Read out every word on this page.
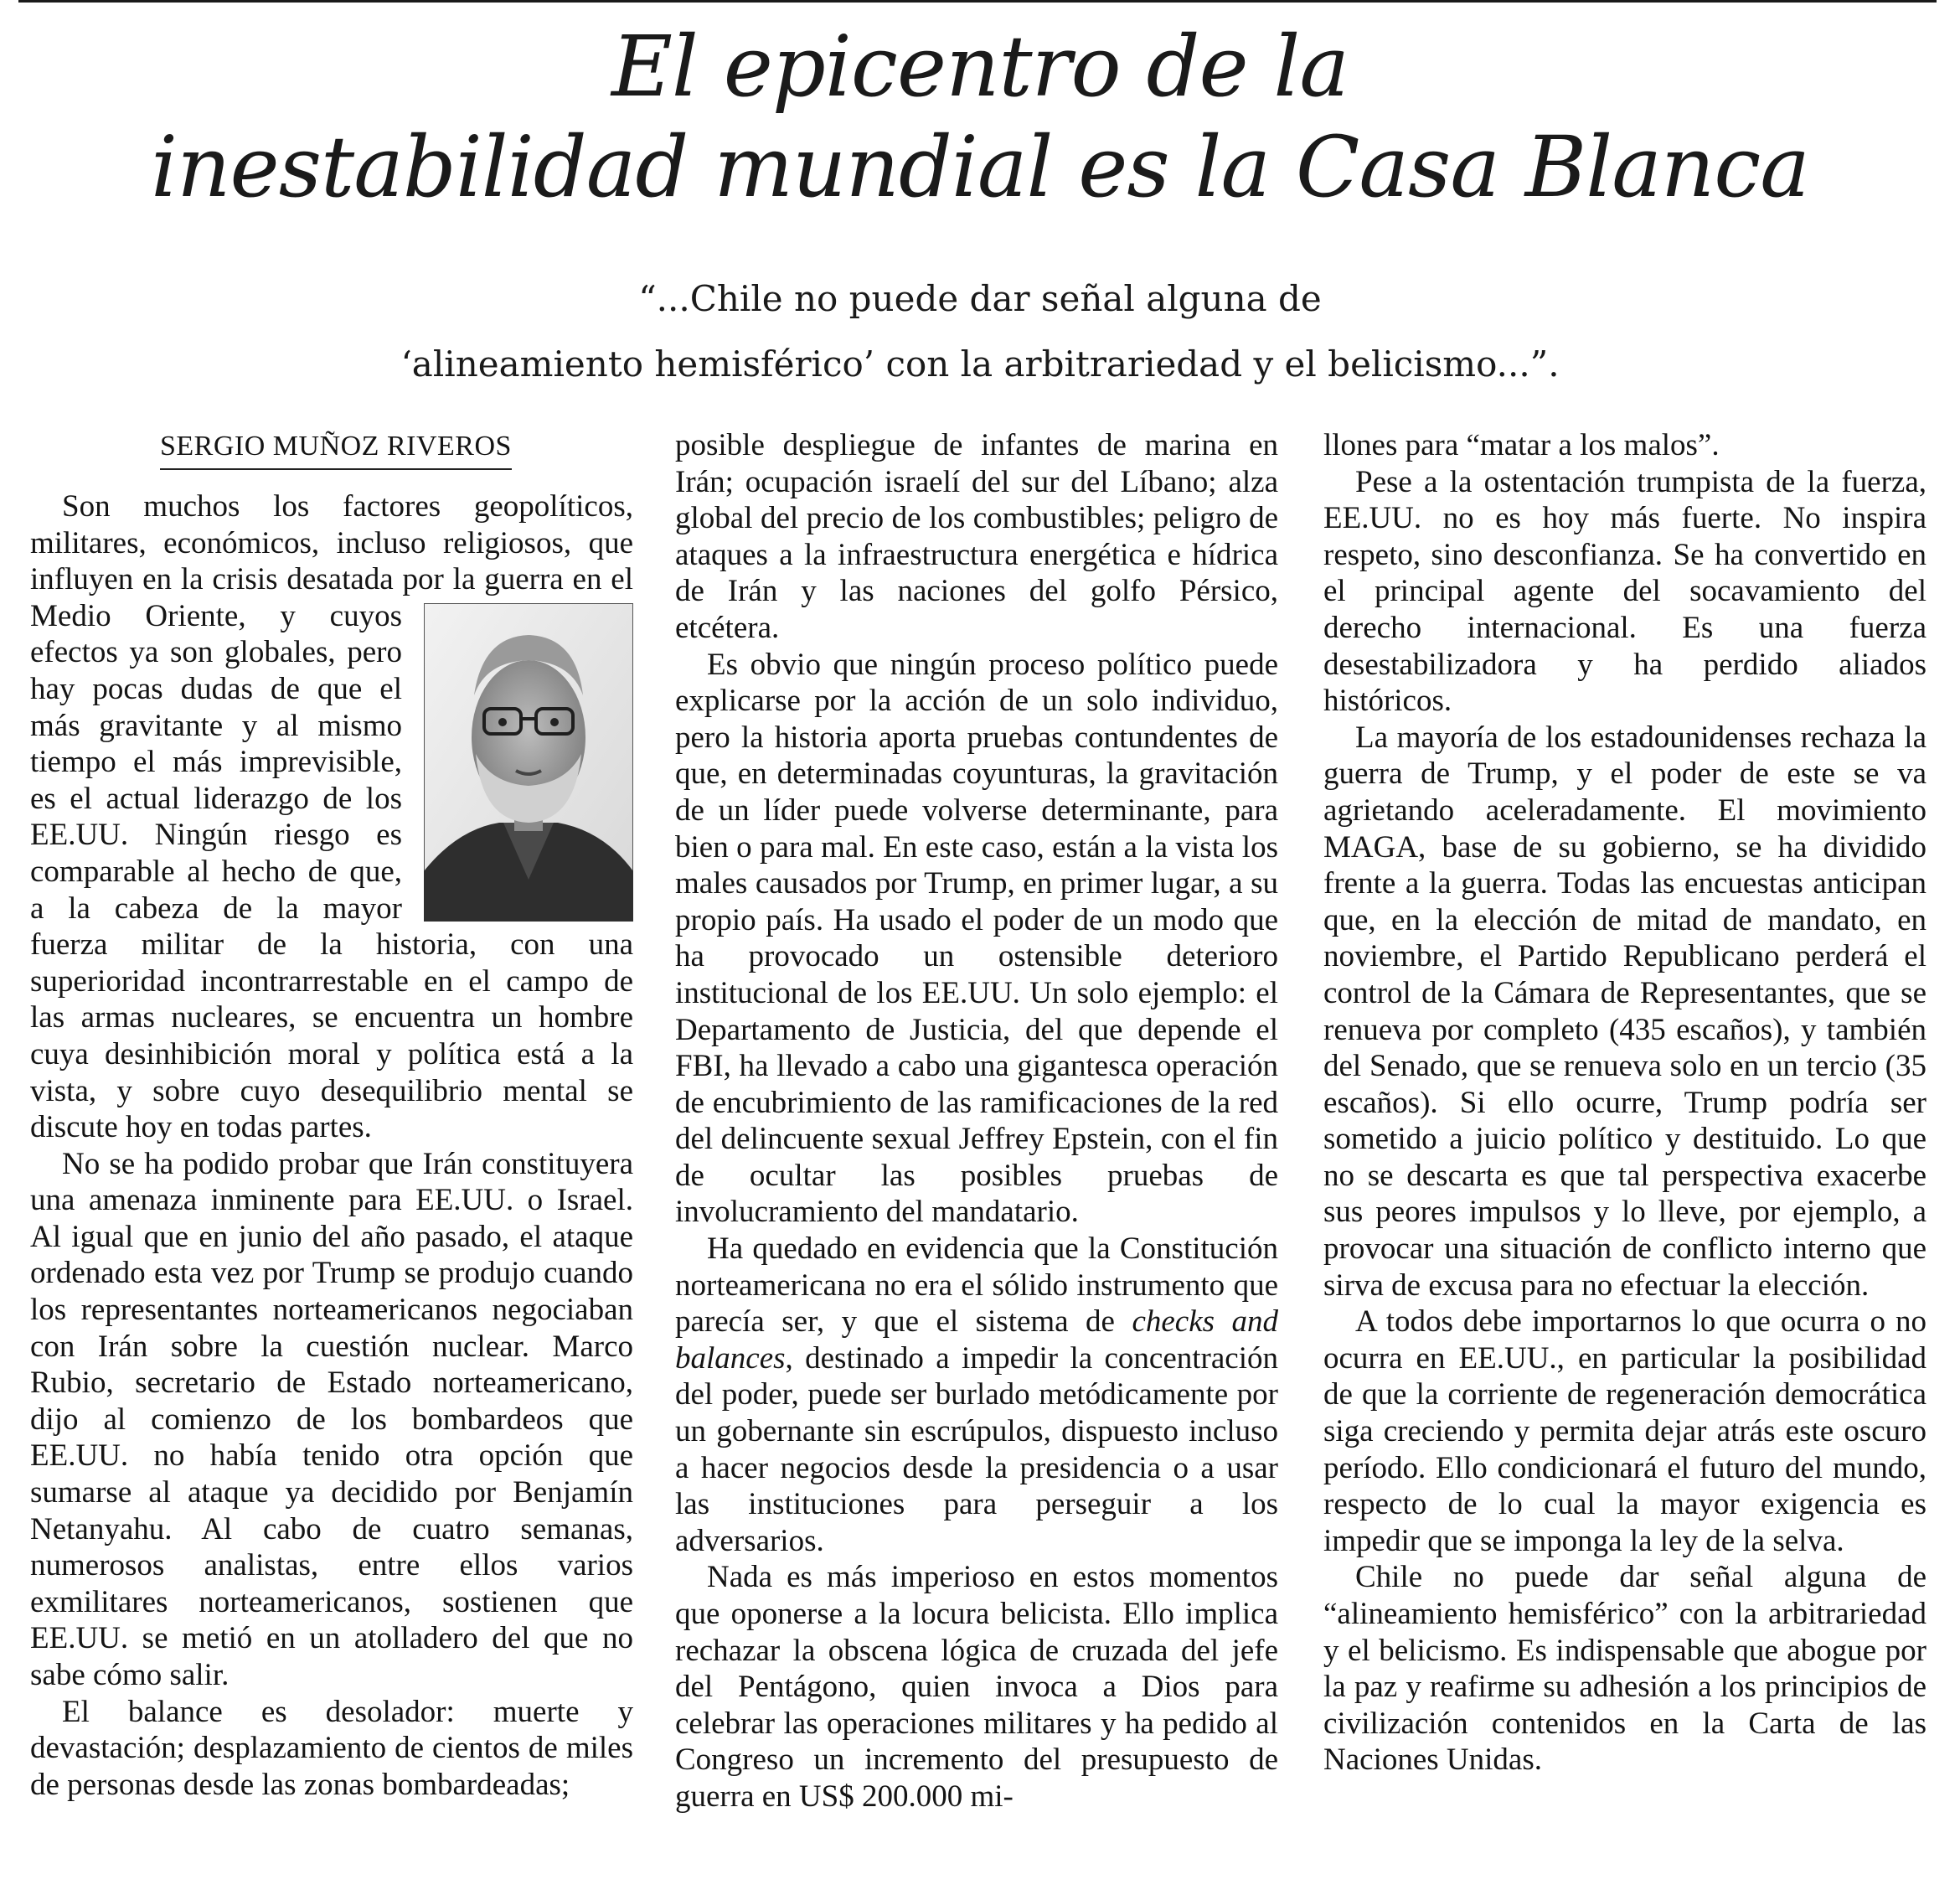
El epicentro de la
inestabilidad mundial es la Casa Blanca
“...Chile no puede dar señal alguna de
‘alineamiento hemisférico’ con la arbitrariedad y el belicismo...”.
SERGIO MUÑOZ RIVEROS

Son muchos los factores geopolíticos, militares, económicos, incluso religiosos, que influyen en la crisis desatada por la guerra en el Medio Oriente,
y cuyos efectos ya son globales, pero hay pocas dudas de que el más gravitante y al mismo tiempo el más imprevisible, es el actual liderazgo de los EE.UU. Ningún riesgo es comparable al hecho de que, a la cabeza de la mayor fuerza militar de la historia, con una superioridad incontrarrestable en el campo de las armas nucleares, se encuentra un hombre cuya desinhibición moral y política está a la vista, y sobre cuyo desequilibrio mental se discute hoy en todas partes.

No se ha podido probar que Irán constituyera una amenaza inminente para EE.UU. o Israel. Al igual que en junio del año pasado, el ataque ordenado esta vez por Trump se produjo cuando los representantes norteamericanos negociaban con Irán sobre la cuestión nuclear. Marco Rubio, secretario de Estado norteamericano, dijo al comienzo de los bombardeos que EE.UU. no había tenido otra opción que sumarse al ataque ya decidido por Benjamín Netanyahu. Al cabo de cuatro semanas, numerosos analistas, entre ellos varios exmilitares norteamericanos, sostienen que EE.UU. se metió en un atolladero del que no sabe cómo salir.

El balance es desolador: muerte y devastación; desplazamiento de cientos de miles de personas desde las zonas bombardeadas;

posible despliegue de infantes de marina en Irán; ocupación israelí del sur del Líbano; alza global del precio de los combustibles; peligro de ataques a la infraestructura energética e hídrica de Irán y las naciones del golfo Pérsico, etcétera.

Es obvio que ningún proceso político puede explicarse por la acción de un solo individuo, pero la historia aporta pruebas contundentes de que, en determinadas coyunturas, la gravitación de un líder puede volverse determinante, para bien o para mal. En este caso, están a la vista los males causados por Trump, en primer lugar, a su propio país. Ha usado el poder de un modo que ha provocado un ostensible deterioro institucional de los EE.UU. Un solo ejemplo: el Departamento de Justicia, del que depende el FBI, ha llevado a cabo una gigantesca operación de encubrimiento de las ramificaciones de la red del delincuente sexual Jeffrey Epstein, con el fin de ocultar las posibles pruebas de involucramiento del mandatario.

Ha quedado en evidencia que la Constitución norteamericana no era el sólido instrumento que parecía ser, y que el sistema de checks and balances, destinado a impedir la concentración del poder, puede ser burlado metódicamente por un gobernante sin escrúpulos, dispuesto incluso a hacer negocios desde la presidencia o a usar las instituciones para perseguir a los adversarios.

Nada es más imperioso en estos momentos que oponerse a la locura belicista. Ello implica rechazar la obscena lógica de cruzada del jefe del Pentágono, quien invoca a Dios para celebrar las operaciones militares y ha pedido al Congreso un incremento del presupuesto de guerra en US$ 200.000 mi-

llones para “matar a los malos”.

Pese a la ostentación trumpista de la fuerza, EE.UU. no es hoy más fuerte. No inspira respeto, sino desconfianza. Se ha convertido en el principal agente del socavamiento del derecho internacional. Es una fuerza desestabilizadora y ha perdido aliados históricos.

La mayoría de los estadounidenses rechaza la guerra de Trump, y el poder de este se va agrietando aceleradamente. El movimiento MAGA, base de su gobierno, se ha dividido frente a la guerra. Todas las encuestas anticipan que, en la elección de mitad de mandato, en noviembre, el Partido Republicano perderá el control de la Cámara de Representantes, que se renueva por completo (435 escaños), y también del Senado, que se renueva solo en un tercio (35 escaños). Si ello ocurre, Trump podría ser sometido a juicio político y destituido. Lo que no se descarta es que tal perspectiva exacerbe sus peores impulsos y lo lleve, por ejemplo, a provocar una situación de conflicto interno que sirva de excusa para no efectuar la elección.

A todos debe importarnos lo que ocurra o no ocurra en EE.UU., en particular la posibilidad de que la corriente de regeneración democrática siga creciendo y permita dejar atrás este oscuro período. Ello condicionará el futuro del mundo, respecto de lo cual la mayor exigencia es impedir que se imponga la ley de la selva.

Chile no puede dar señal alguna de “alineamiento hemisférico” con la arbitrariedad y el belicismo. Es indispensable que abogue por la paz y reafirme su adhesión a los principios de civilización contenidos en la Carta de las Naciones Unidas.
